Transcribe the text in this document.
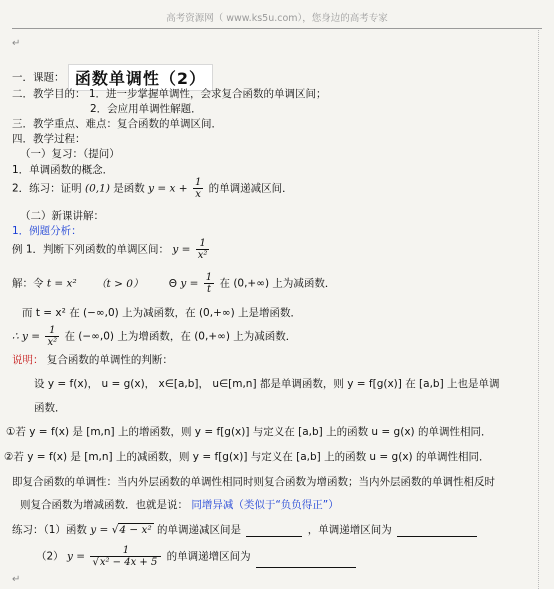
高考资源网（ www.ks5u.com），您身边的高考专家
↵
一．课题： 函数单调性（2）
二．教学目的： 1．进一步掌握单调性，会求复合函数的单调区间；
2．会应用单调性解题．
三．教学重点、难点：复合函数的单调区间．
四．教学过程：
（一）复习：（提问）
1．单调函数的概念．
2．练习：证明 (0,1) 是函数 $y = x + \frac{1}{x}$ 的单调递减区间．
（二）新课讲解：
1．例题分析：
例 1．判断下列函数的单调区间： $y = \frac{1}{\text{x²}}$
解：令 t = x² （t > 0） Θ $y = \frac{1}{t}$ 在 (0,+∞) 上为减函数．
而 t = x² 在 (−∞,0) 上为减函数，在 (0,+∞) 上是增函数．
∴ $y = \frac{1}{\text{x²}}$ 在 (−∞,0) 上为增函数，在 (0,+∞) 上为减函数．
说明： 复合函数的单调性的判断：
设 y = f(x)， u = g(x)， x∈[a,b]， u∈[m,n] 都是单调函数，则 y = f[g(x)] 在 [a,b] 上也是单调
函数．
①若 y = f(x) 是 [m,n] 上的增函数，则 y = f[g(x)] 与定义在 [a,b] 上的函数 u = g(x) 的单调性相同．
②若 y = f(x) 是 [m,n] 上的减函数，则 y = f[g(x)] 与定义在 [a,b] 上的函数 u = g(x) 的单调性相同．
即复合函数的单调性：当内外层函数的单调性相同时则复合函数为增函数；当内外层函数的单调性相反时
则复合函数为增减函数．也就是说： 同增异减（类似于“负负得正”）
练习：（1）函数 y = √4 − x² 的单调递减区间是	，单调递增区间为
（2） $y = \frac{1}{\text{√x² − 4x + 5}}$ 的单调递增区间为
↵
